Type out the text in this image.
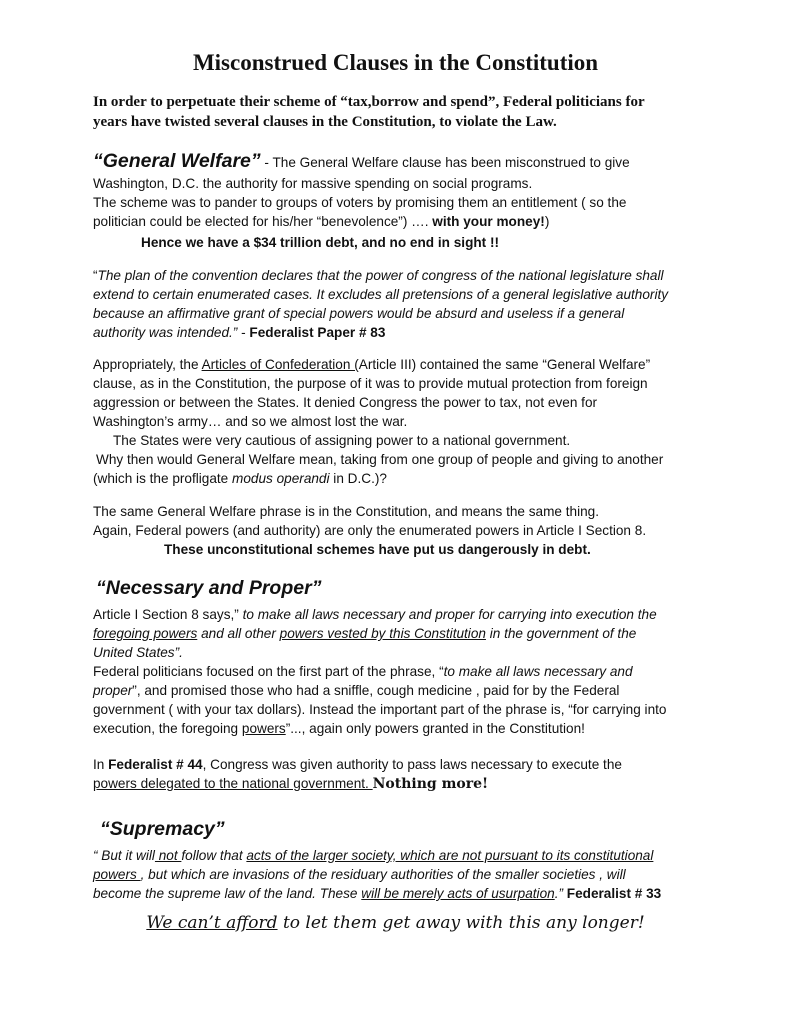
Misconstrued Clauses in the Constitution
In order to perpetuate their scheme of “tax,borrow and spend”, Federal politicians for
years have twisted several clauses in the Constitution, to violate the Law.
“General Welfare” - The General Welfare clause has been misconstrued to give
Washington, D.C. the authority for massive spending on social programs.
The scheme was to pander to groups of voters by promising them an entitlement ( so the
politician could be elected for his/her “benevolence”) …. with your money!)
Hence we have a $34 trillion debt, and no end in sight !!
“The plan of the convention declares that the power of congress of the national legislature shall
extend to certain enumerated cases. It excludes all pretensions of a general legislative authority
because an affirmative grant of special powers would be absurd and useless if a general
authority was intended.” - Federalist Paper # 83
Appropriately, the Articles of Confederation (Article III) contained the same “General Welfare”
clause, as in the Constitution, the purpose of it was to provide mutual protection from foreign
aggression or between the States. It denied Congress the power to tax, not even for
Washington’s army… and so we almost lost the war.
The States were very cautious of assigning power to a national government.
Why then would General Welfare mean, taking from one group of people and giving to another
(which is the profligate modus operandi in D.C.)?
The same General Welfare phrase is in the Constitution, and means the same thing.
Again, Federal powers (and authority) are only the enumerated powers in Article I Section 8.
These unconstitutional schemes have put us dangerously in debt.
“Necessary and Proper”
Article I Section 8 says,” to make all laws necessary and proper for carrying into execution the
foregoing powers and all other powers vested by this Constitution in the government of the
United States”.
Federal politicians focused on the first part of the phrase, “to make all laws necessary and
proper”, and promised those who had a sniffle, cough medicine , paid for by the Federal
government ( with your tax dollars). Instead the important part of the phrase is, “for carrying into
execution, the foregoing powers”..., again only powers granted in the Constitution!
In Federalist # 44, Congress was given authority to pass laws necessary to execute the
powers delegated to the national government. Nothing more!
“Supremacy”
“ But it will not follow that acts of the larger society, which are not pursuant to its constitutional
powers , but which are invasions of the residuary authorities of the smaller societies , will
become the supreme law of the land. These will be merely acts of usurpation.” Federalist # 33
We can’t afford to let them get away with this any longer!
